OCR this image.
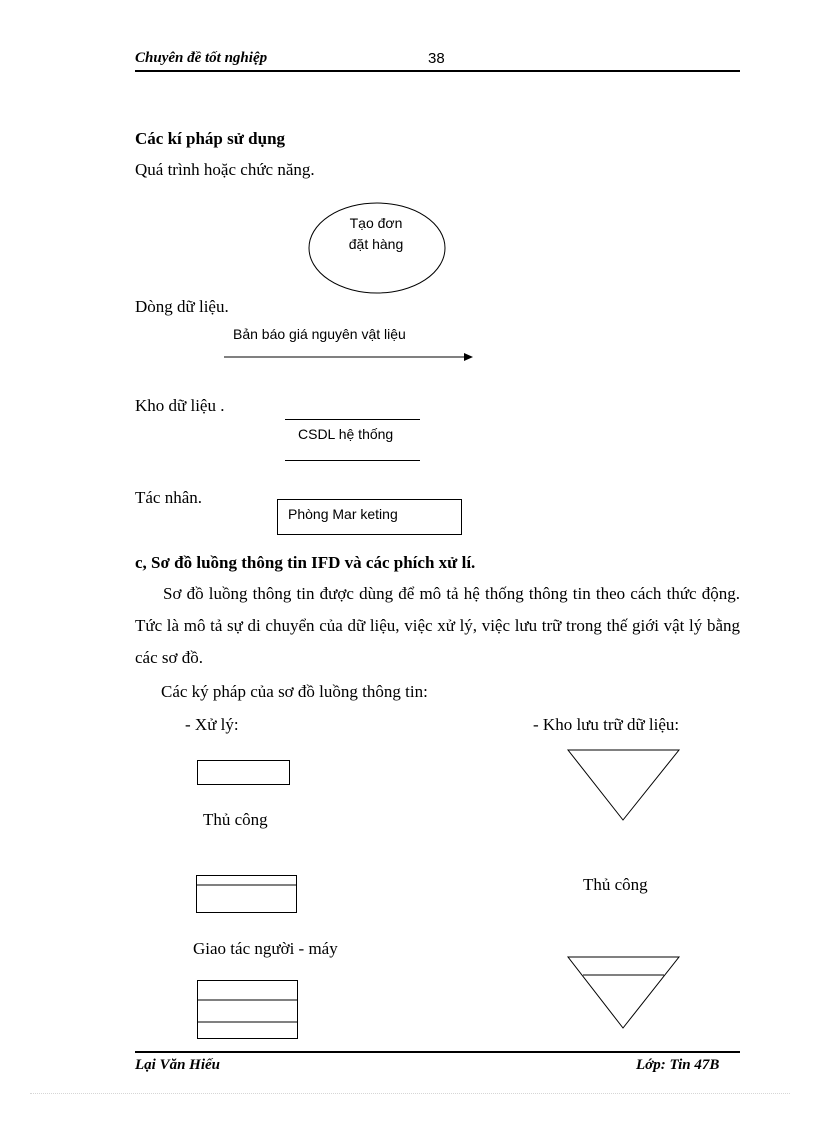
Chuyên đề tốt nghiệp	38
Các kí pháp sử dụng
Quá trình hoặc chức năng.
Tạo đơn
đặt hàng
Dòng dữ liệu.
Bản báo giá nguyên vật liệu
Kho dữ liệu .
CSDL hệ thống
Tác nhân.
Phòng Mar keting
c, Sơ đồ luồng thông tin IFD và các phích xử lí.
Sơ đồ luồng thông tin được dùng để mô tả hệ thống thông tin theo cách thức động. Tức là mô tả sự di chuyển của dữ liệu, việc xử lý, việc lưu trữ trong thế giới vật lý bằng các sơ đồ.
Các ký pháp của sơ đồ luồng thông tin:
- Xử lý:	- Kho lưu trữ dữ liệu:
Thủ công
Giao tác người - máy
Thủ công
Lại Văn Hiếu	Lớp: Tin 47B
